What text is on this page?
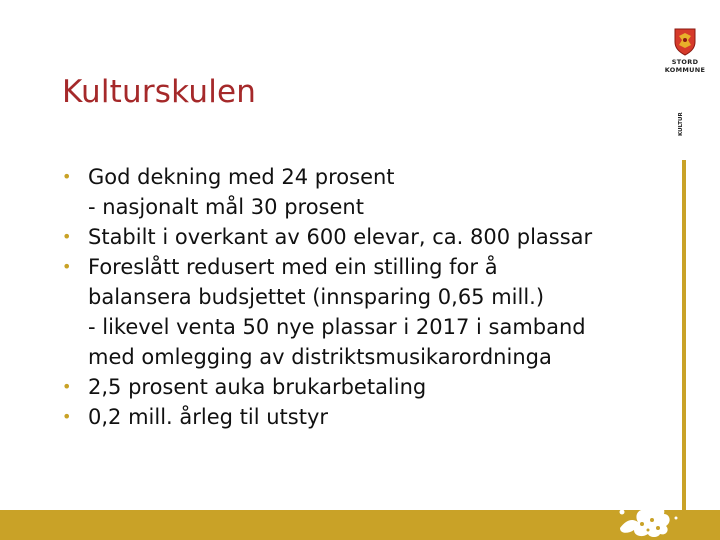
STORD
KOMMUNE
KULTUR
Kulturskulen
• God dekning med 24 prosent
- nasjonalt mål 30 prosent
• Stabilt i overkant av 600 elevar, ca. 800 plassar
• Foreslått redusert med ein stilling for å
balansera budsjettet (innsparing 0,65 mill.)
- likevel venta 50 nye plassar i 2017 i samband
med omlegging av distriktsmusikarordninga
• 2,5 prosent auka brukarbetaling
• 0,2 mill. årleg til utstyr
